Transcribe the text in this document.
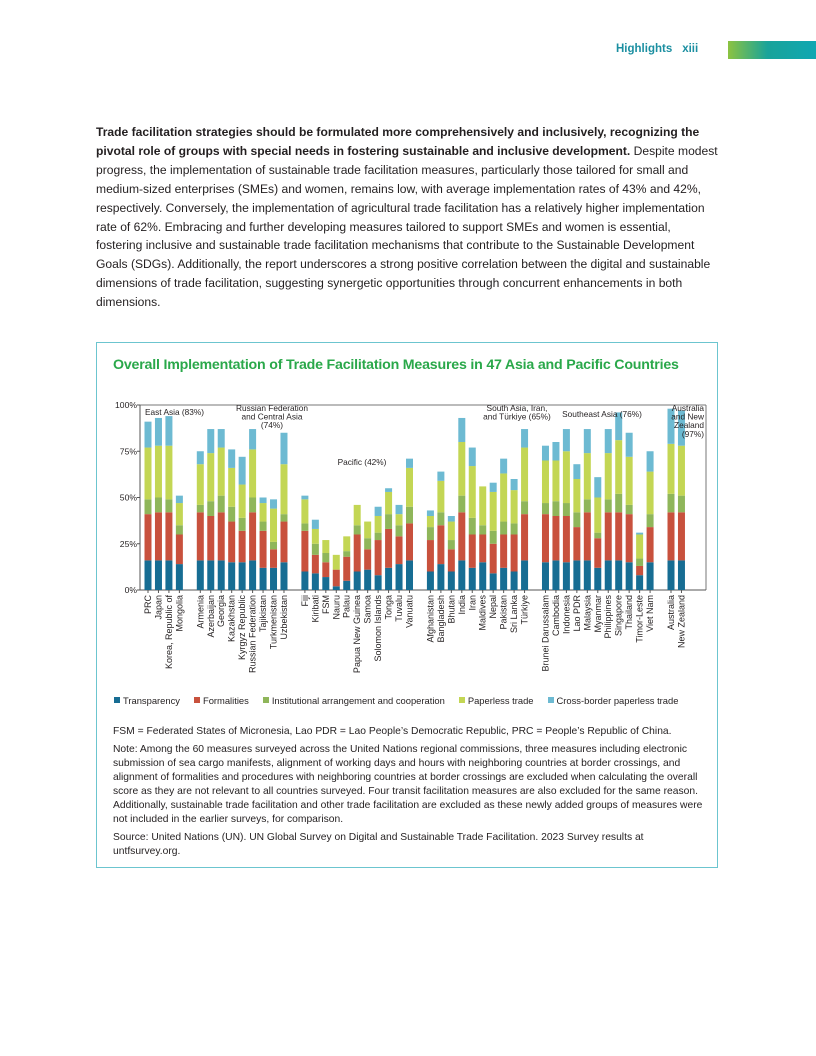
Highlights xiii
Trade facilitation strategies should be formulated more comprehensively and inclusively, recognizing the pivotal role of groups with special needs in fostering sustainable and inclusive development. Despite modest progress, the implementation of sustainable trade facilitation measures, particularly those tailored for small and medium-sized enterprises (SMEs) and women, remains low, with average implementation rates of 43% and 42%, respectively. Conversely, the implementation of agricultural trade facilitation has a relatively higher implementation rate of 62%. Embracing and further developing measures tailored to support SMEs and women is essential, fostering inclusive and sustainable trade facilitation mechanisms that contribute to the Sustainable Development Goals (SDGs). Additionally, the report underscores a strong positive correlation between the digital and sustainable dimensions of trade facilitation, suggesting synergetic opportunities through concurrent enhancements in both dimensions.
Overall Implementation of Trade Facilitation Measures in 47 Asia and Pacific Countries
0%
25%
50%
75%
100%
PRC Japan Korea, Republic of Mongolia
East Asia (83%)
Armenia Azerbaijan Georgia Kazakhstan Kyrgyz Republic Russian Federation Tajikistan Turkmenistan Uzbekistan
Russian Federation
and Central Asia
(74%)
Fiji Kiribati FSM Nauru Palau Papua New Guinea Samoa Solomon Islands Tonga Tuvalu Vanuatu
Pacific (42%)
Afghanistan Bangladesh Bhutan India Iran Maldives Nepal Pakistan Sri Lanka Türkiye
South Asia, Iran,
and Türkiye (65%)
Brunei Darussalam Cambodia Indonesia Lao PDR Malaysia Myanmar Philippines Singapore Thailand Timor-Leste Viet Nam
Southeast Asia (76%)
Australia New Zealand
Australia
and New
Zealand
(97%)
Transparency	Formalities	Institutional arrangement and cooperation	Paperless trade	Cross-border paperless trade

FSM = Federated States of Micronesia, Lao PDR = Lao People’s Democratic Republic, PRC = People’s Republic of China.

Note: Among the 60 measures surveyed across the United Nations regional commissions, three measures including electronic submission of sea cargo manifests, alignment of working days and hours with neighboring countries at border crossings, and alignment of formalities and procedures with neighboring countries at border crossings are excluded when calculating the overall score as they are not relevant to all countries surveyed. Four transit facilitation measures are also excluded for the same reason. Additionally, sustainable trade facilitation and other trade facilitation are excluded as these newly added groups of measures were not included in the earlier surveys, for comparison.

Source: United Nations (UN). UN Global Survey on Digital and Sustainable Trade Facilitation. 2023 Survey results at untfsurvey.org.
